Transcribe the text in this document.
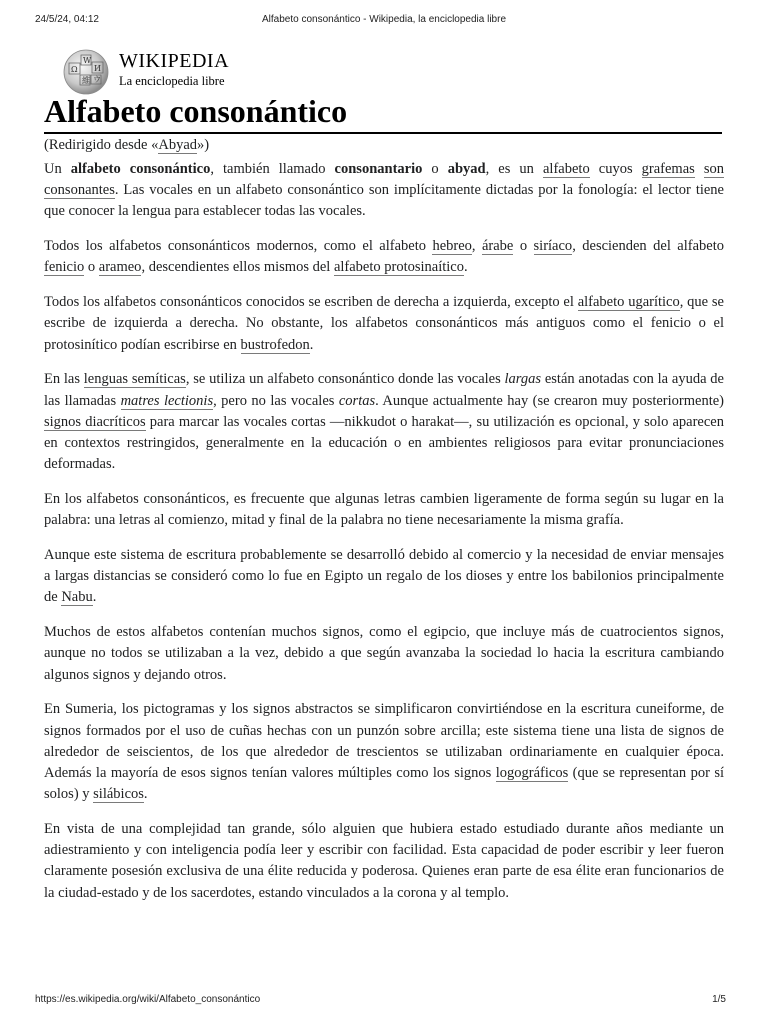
24/5/24, 04:12	Alfabeto consonántico - Wikipedia, la enciclopedia libre
Ω
W
И
維 ウ
WIKIPEDIA
La enciclopedia libre
Alfabeto consonántico
(Redirigido desde «Abyad»)

Un alfabeto consonántico, también llamado consonantario o abyad, es un alfabeto cuyos grafemas son consonantes. Las vocales en un alfabeto consonántico son implícitamente dictadas por la fonología: el lector tiene que conocer la lengua para establecer todas las vocales.

Todos los alfabetos consonánticos modernos, como el alfabeto hebreo, árabe o siríaco, descienden del alfabeto fenicio o arameo, descendientes ellos mismos del alfabeto protosinaítico.

Todos los alfabetos consonánticos conocidos se escriben de derecha a izquierda, excepto el alfabeto ugarítico, que se escribe de izquierda a derecha. No obstante, los alfabetos consonánticos más antiguos como el fenicio o el protosinítico podían escribirse en bustrofedon.

En las lenguas semíticas, se utiliza un alfabeto consonántico donde las vocales largas están anotadas con la ayuda de las llamadas matres lectionis, pero no las vocales cortas. Aunque actualmente hay (se crearon muy posteriormente) signos diacríticos para marcar las vocales cortas —nikkudot o harakat—, su utilización es opcional, y solo aparecen en contextos restringidos, generalmente en la educación o en ambientes religiosos para evitar pronunciaciones deformadas.

En los alfabetos consonánticos, es frecuente que algunas letras cambien ligeramente de forma según su lugar en la palabra: una letras al comienzo, mitad y final de la palabra no tiene necesariamente la misma grafía.

Aunque este sistema de escritura probablemente se desarrolló debido al comercio y la necesidad de enviar mensajes a largas distancias se consideró como lo fue en Egipto un regalo de los dioses y entre los babilonios principalmente de Nabu.

Muchos de estos alfabetos contenían muchos signos, como el egipcio, que incluye más de cuatrocientos signos, aunque no todos se utilizaban a la vez, debido a que según avanzaba la sociedad lo hacia la escritura cambiando algunos signos y dejando otros.

En Sumeria, los pictogramas y los signos abstractos se simplificaron convirtiéndose en la escritura cuneiforme, de signos formados por el uso de cuñas hechas con un punzón sobre arcilla; este sistema tiene una lista de signos de alrededor de seiscientos, de los que alrededor de trescientos se utilizaban ordinariamente en cualquier época. Además la mayoría de esos signos tenían valores múltiples como los signos logográficos (que se representan por sí solos) y silábicos.

En vista de una complejidad tan grande, sólo alguien que hubiera estado estudiado durante años mediante un adiestramiento y con inteligencia podía leer y escribir con facilidad. Esta capacidad de poder escribir y leer fueron claramente posesión exclusiva de una élite reducida y poderosa. Quienes eran parte de esa élite eran funcionarios de la ciudad-estado y de los sacerdotes, estando vinculados a la corona y al templo.

https://es.wikipedia.org/wiki/Alfabeto_consonántico	1/5
